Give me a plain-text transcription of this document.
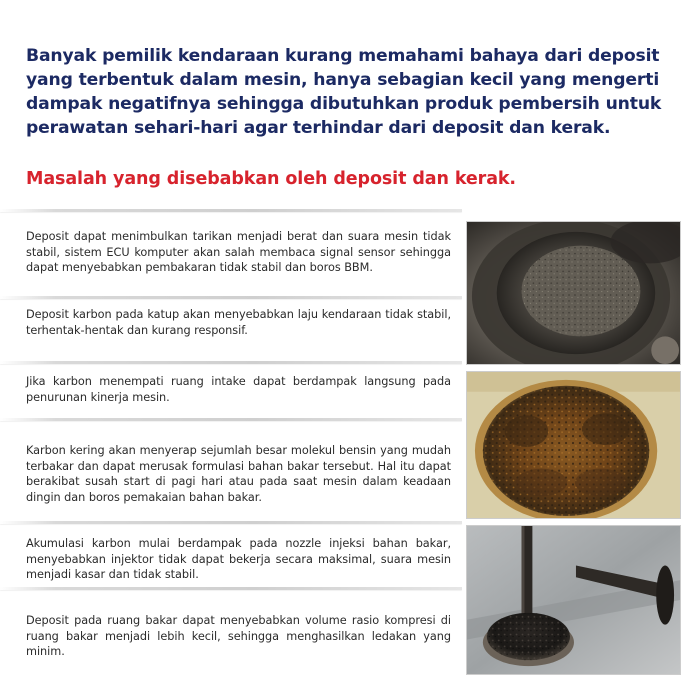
Banyak pemilik kendaraan kurang memahami bahaya dari deposit yang terbentuk dalam mesin, hanya sebagian kecil yang mengerti dampak negatifnya sehingga dibutuhkan produk pembersih untuk perawatan sehari-hari agar terhindar dari deposit dan kerak.

Masalah yang disebabkan oleh deposit dan kerak.

Deposit dapat menimbulkan tarikan menjadi berat dan suara mesin tidak stabil, sistem ECU komputer akan salah membaca signal sensor sehingga dapat menyebabkan pembakaran tidak stabil dan boros BBM.

Deposit karbon pada katup akan menyebabkan laju kendaraan tidak stabil, terhentak-hentak dan kurang responsif.

Jika karbon menempati ruang intake dapat berdampak langsung pada penurunan kinerja mesin.

Karbon kering akan menyerap sejumlah besar molekul bensin yang mudah terbakar dan dapat merusak formulasi bahan bakar tersebut. Hal itu dapat berakibat susah start di pagi hari atau pada saat mesin dalam keadaan dingin dan boros pemakaian bahan bakar.

Akumulasi karbon mulai berdampak pada nozzle injeksi bahan bakar, menyebabkan injektor tidak dapat bekerja secara maksimal, suara mesin menjadi kasar dan tidak stabil.

Deposit pada ruang bakar dapat menyebabkan volume rasio kompresi di ruang bakar menjadi lebih kecil, sehingga menghasilkan ledakan yang minim.
